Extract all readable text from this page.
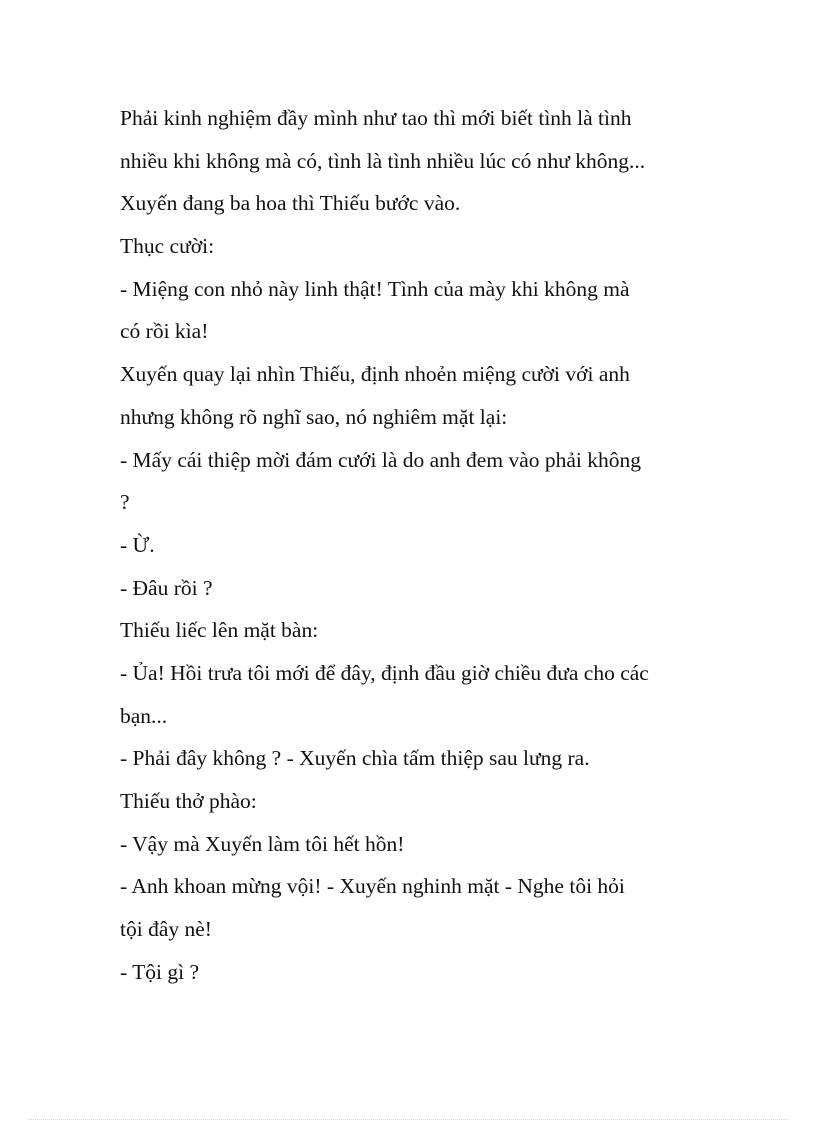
Phải kinh nghiệm đầy mình như tao thì mới biết tình là tình
nhiều khi không mà có, tình là tình nhiều lúc có như không...
Xuyến đang ba hoa thì Thiếu bước vào.
Thục cười:
- Miệng con nhỏ này linh thật! Tình của mày khi không mà
có rồi kìa!
Xuyến quay lại nhìn Thiếu, định nhoẻn miệng cười với anh
nhưng không rõ nghĩ sao, nó nghiêm mặt lại:
- Mấy cái thiệp mời đám cưới là do anh đem vào phải không
?
- Ừ.
- Đâu rồi ?
Thiếu liếc lên mặt bàn:
- Ủa! Hồi trưa tôi mới để đây, định đầu giờ chiều đưa cho các
bạn...
- Phải đây không ? - Xuyến chìa tấm thiệp sau lưng ra.
Thiếu thở phào:
- Vậy mà Xuyến làm tôi hết hồn!
- Anh khoan mừng vội! - Xuyến nghinh mặt - Nghe tôi hỏi
tội đây nè!
- Tội gì ?
